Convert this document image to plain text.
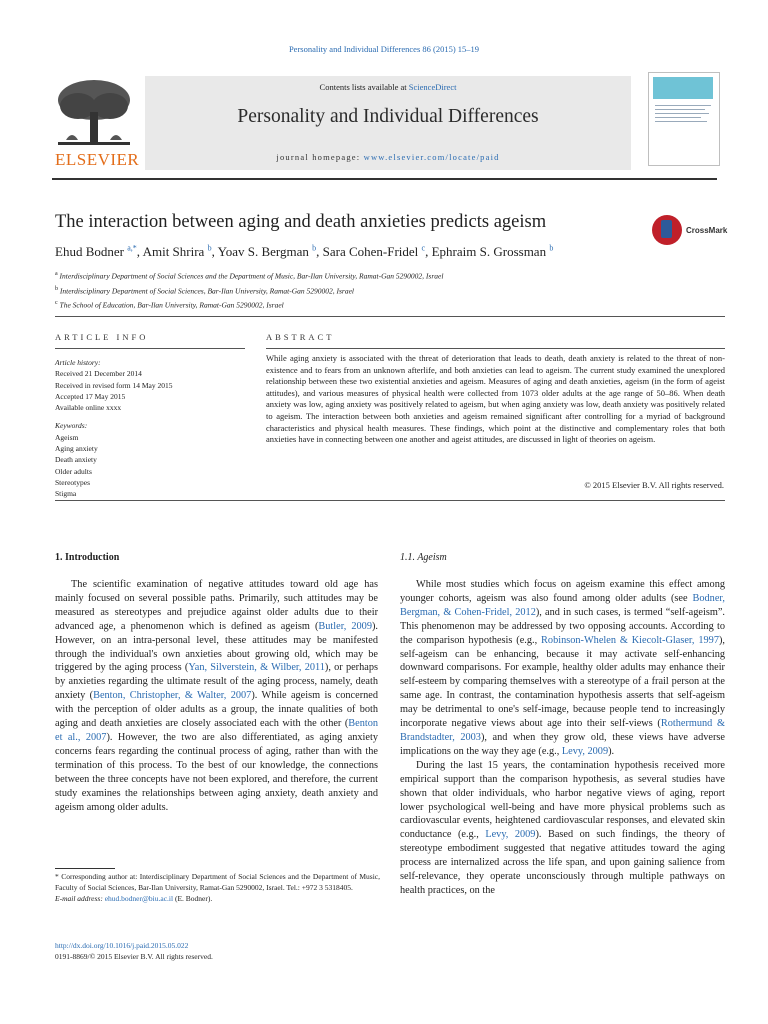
Personality and Individual Differences 86 (2015) 15–19
ELSEVIER
Contents lists available at ScienceDirect
Personality and Individual Differences
journal homepage: www.elsevier.com/locate/paid
The interaction between aging and death anxieties predicts ageism	CrossMark
Ehud Bodner $^{a,*}$, Amit Shrira $^b$, Yoav S. Bergman $^b$, Sara Cohen-Fridel $^c$, Ephraim S. Grossman $^b$
$^a$ Interdisciplinary Department of Social Sciences and the Department of Music, Bar-Ilan University, Ramat-Gan 5290002, Israel
$^b$ Interdisciplinary Department of Social Sciences, Bar-Ilan University, Ramat-Gan 5290002, Israel
$^c$ The School of Education, Bar-Ilan University, Ramat-Gan 5290002, Israel
ARTICLE INFO	ABSTRACT
Article history:
Received 21 December 2014
Received in revised form 14 May 2015
Accepted 17 May 2015
Available online xxxx
Keywords:
Ageism
Aging anxiety
Death anxiety
Older adults
Stereotypes
Stigma
While aging anxiety is associated with the threat of deterioration that leads to death, death anxiety is related to the threat of non-existence and to fears from an unknown afterlife, and both anxieties can lead to ageism. The current study examined the unexplored relationship between these two existential anxieties and ageism. Measures of aging and death anxieties, ageism (in the form of ageist attitudes), and various measures of physical health were collected from 1073 older adults at the age range of 50–86. When death anxiety was low, aging anxiety was positively related to ageism, but when aging anxiety was low, death anxiety was positively related to ageism. The interaction between both anxieties and ageism remained significant after controlling for a myriad of background characteristics and physical health measures. These findings, which point at the distinctive and complementary roles that both anxieties have in connecting between one another and ageist attitudes, are discussed in light of theories on ageism.
© 2015 Elsevier B.V. All rights reserved.
1. Introduction	1.1. Ageism

The scientific examination of negative attitudes toward old age has mainly focused on several possible paths. Primarily, such attitudes may be measured as stereotypes and prejudice against older adults due to their advanced age, a phenomenon which is defined as ageism (Butler, 2009). However, on an intra-personal level, these attitudes may be manifested through the individual's own anxieties about growing old, which may be triggered by the aging process (Yan, Silverstein, & Wilber, 2011), or perhaps by anxieties regarding the ultimate result of the aging process, namely, death anxiety (Benton, Christopher, & Walter, 2007). While ageism is concerned with the perception of older adults as a group, the innate qualities of both aging and death anxieties are closely associated each with the other (Benton et al., 2007). However, the two are also differentiated, as aging anxiety concerns fears regarding the continual process of aging, rather than with the termination of this process. To the best of our knowledge, the connections between the three concepts have not been explored, and therefore, the current study examines the relationships between aging anxiety, death anxiety and ageism among older adults.

While most studies which focus on ageism examine this effect among younger cohorts, ageism was also found among older adults (see Bodner, Bergman, & Cohen-Fridel, 2012), and in such cases, is termed “self-ageism”. This phenomenon may be addressed by two opposing accounts. According to the comparison hypothesis (e.g., Robinson-Whelen & Kiecolt-Glaser, 1997), self-ageism can be enhancing, because it may activate self-enhancing downward comparisons. For example, healthy older adults may enhance their self-esteem by comparing themselves with a stereotype of a frail person at the same age. In contrast, the contamination hypothesis asserts that self-ageism may be detrimental to one's self-image, because people tend to increasingly incorporate negative views about age into their self-views (Rothermund & Brandstadter, 2003), and when they grow old, these views have adverse implications on the way they age (e.g., Levy, 2009).

During the last 15 years, the contamination hypothesis received more empirical support than the comparison hypothesis, as several studies have shown that older individuals, who harbor negative views of aging, report lower psychological well-being and have more physical problems such as cardiovascular events, heightened cardiovascular responses, and elevated skin conductance (e.g., Levy, 2009). Based on such findings, the theory of stereotype embodiment suggested that negative attitudes toward the aging process are internalized across the life span, and upon gaining salience from self-relevance, they operate unconsciously through multiple pathways on health practices, on the

* Corresponding author at: Interdisciplinary Department of Social Sciences and the Department of Music, Faculty of Social Sciences, Bar-Ilan University, Ramat-Gan 5290002, Israel. Tel.: +972 3 5318405.
E-mail address: ehud.bodner@biu.ac.il (E. Bodner).
http://dx.doi.org/10.1016/j.paid.2015.05.022
0191-8869/© 2015 Elsevier B.V. All rights reserved.
